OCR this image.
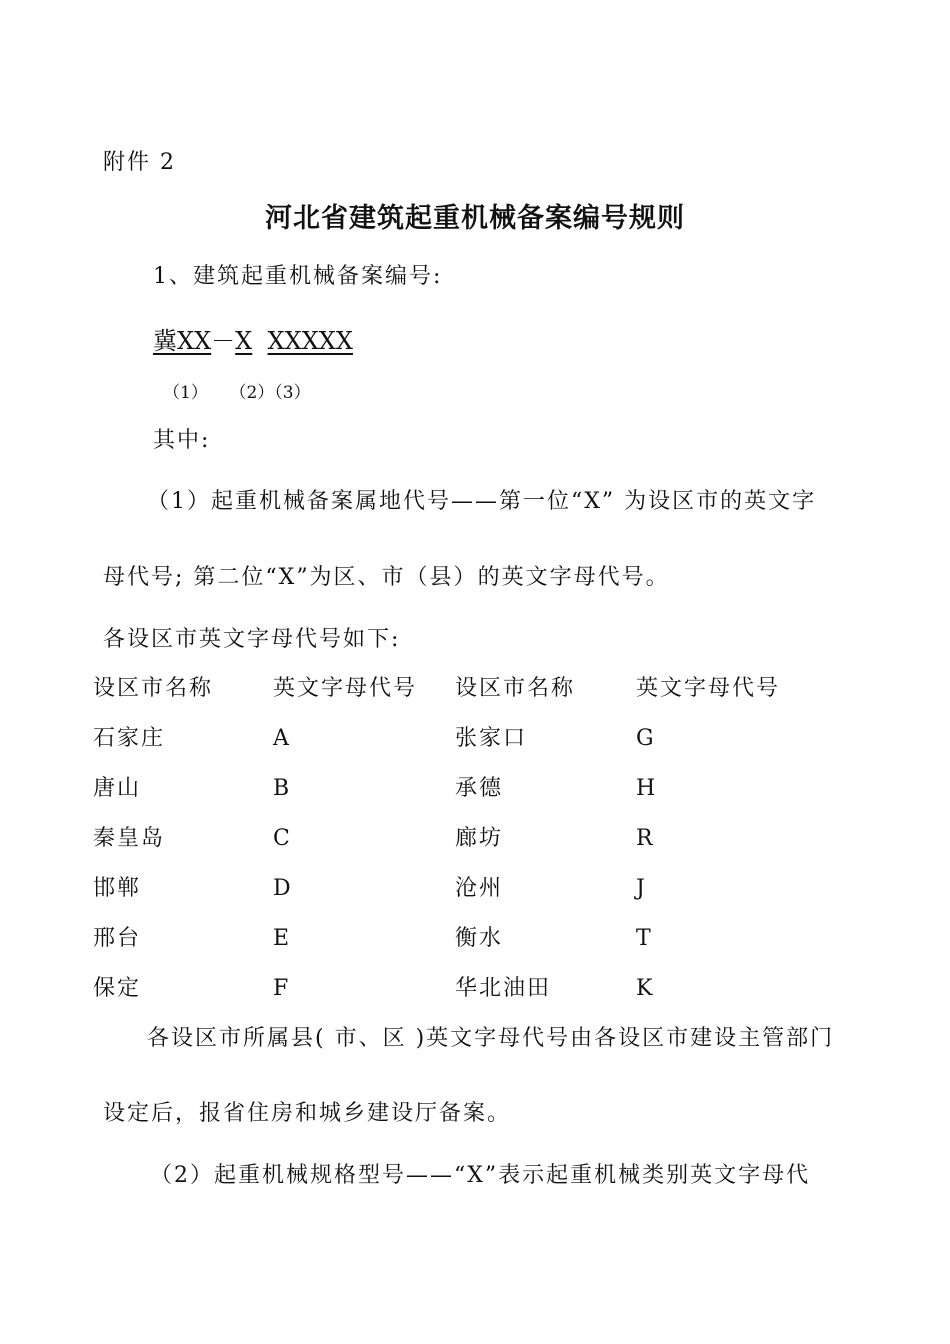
附件 2
河北省建筑起重机械备案编号规则
1、建筑起重机械备案编号:
冀XX－X XXXXX
（1） （2）（3）
其中:
（1）起重机械备案属地代号——第一位“X” 为设区市的英文字
母代号; 第二位“X”为区、市（县）的英文字母代号。
各设区市英文字母代号如下:
设区市名称	英文字母代号 设区市名称	英文字母代号
石家庄	A	张家口	G
唐山	B	承德	H
秦皇岛	C	廊坊	R
邯郸	D	沧州	J
邢台	E	衡水	T
保定	F	华北油田	K
各设区市所属县( 市、区 )英文字母代号由各设区市建设主管部门
设定后，报省住房和城乡建设厅备案。
（2）起重机械规格型号——“X”表示起重机械类别英文字母代
